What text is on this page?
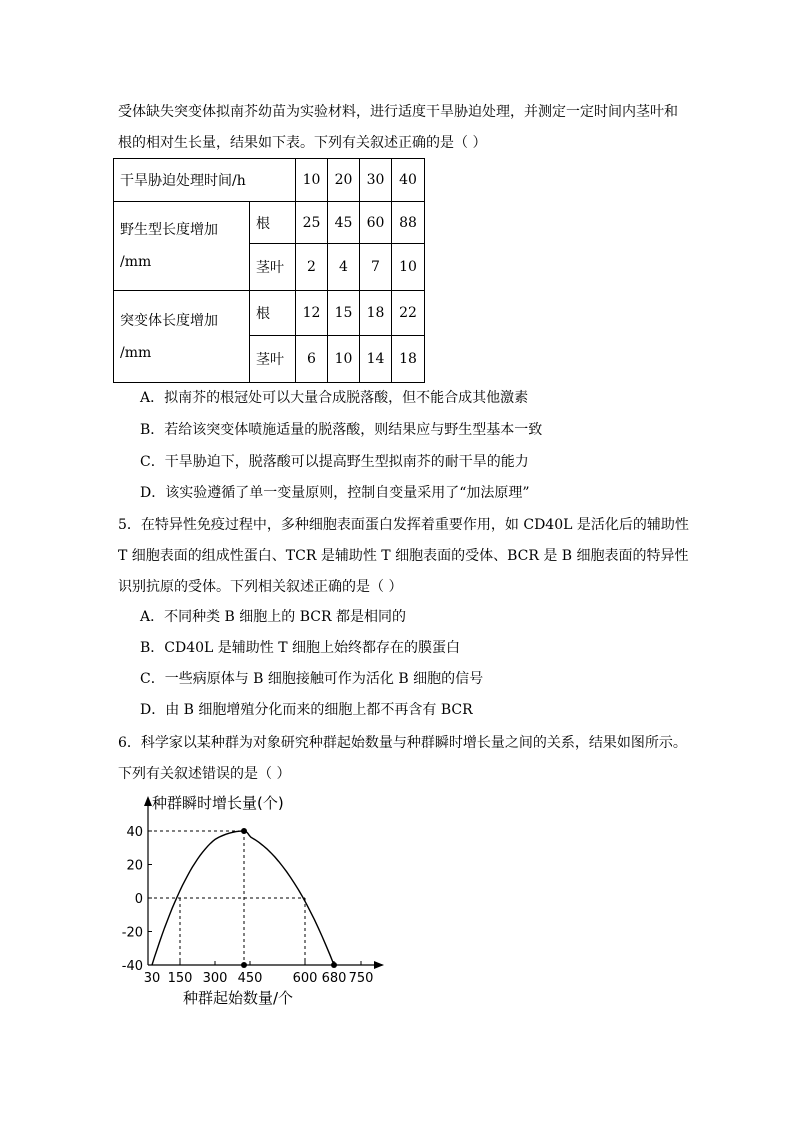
受体缺失突变体拟南芥幼苗为实验材料，进行适度干旱胁迫处理，并测定一定时间内茎叶和
根的相对生长量，结果如下表。下列有关叙述正确的是（ ）
干旱胁迫处理时间/h		10	20	30	40
野生型长度增加
/mm	根	25	45	60	88
	茎叶	2	4	7	10
突变体长度增加
/mm	根	12	15	18	22
	茎叶	6	10	14	18
A．拟南芥的根冠处可以大量合成脱落酸，但不能合成其他激素
B．若给该突变体喷施适量的脱落酸，则结果应与野生型基本一致
C．干旱胁迫下，脱落酸可以提高野生型拟南芥的耐干旱的能力
D．该实验遵循了单一变量原则，控制自变量采用了“加法原理”
5．在特异性免疫过程中，多种细胞表面蛋白发挥着重要作用，如 CD40L 是活化后的辅助性
T 细胞表面的组成性蛋白、TCR 是辅助性 T 细胞表面的受体、BCR 是 B 细胞表面的特异性
识别抗原的受体。下列相关叙述正确的是（ ）
A．不同种类 B 细胞上的 BCR 都是相同的
B．CD40L 是辅助性 T 细胞上始终都存在的膜蛋白
C．一些病原体与 B 细胞接触可作为活化 B 细胞的信号
D．由 B 细胞增殖分化而来的细胞上都不再含有 BCR
6．科学家以某种群为对象研究种群起始数量与种群瞬时增长量之间的关系，结果如图所示。
下列有关叙述错误的是（ ）
种群瞬时增长量(个)
种群起始数量/个
40
20
0
-20
-40
30 150 300 450 600 680 750
